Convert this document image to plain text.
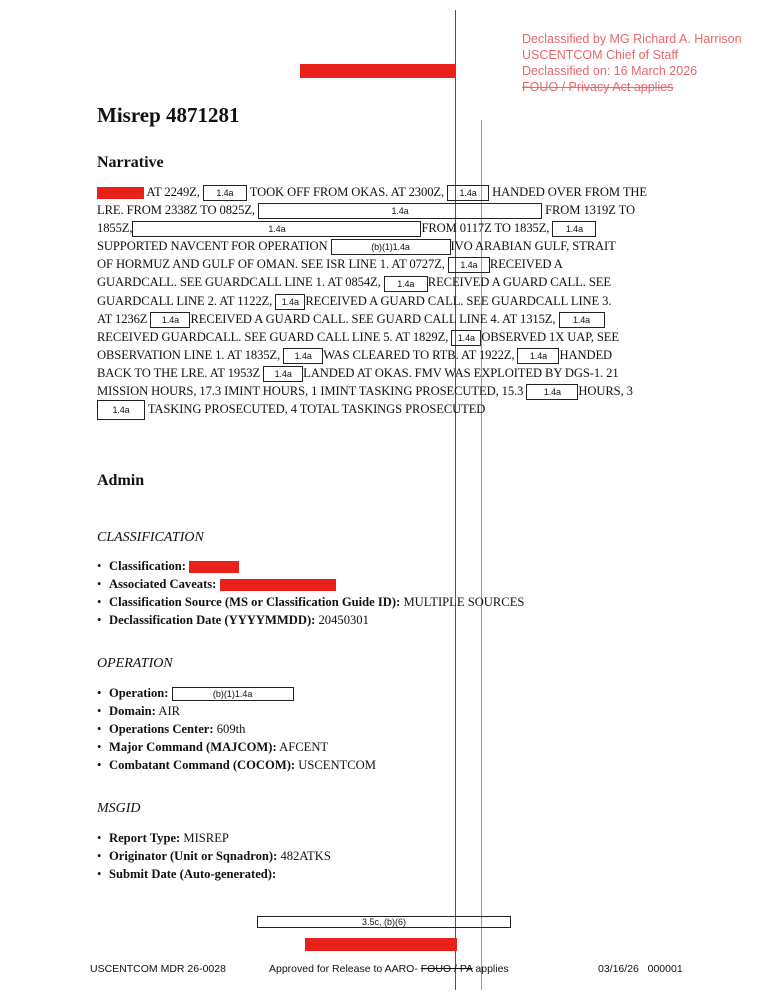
Declassified by MG Richard A. Harrison
USCENTCOM Chief of Staff
Declassified on: 16 March 2026
FOUO / Privacy Act applies
Misrep 4871281
Narrative
AT 2249Z, 1.4a TOOK OFF FROM OKAS. AT 2300Z, 1.4a HANDED OVER FROM THE
LRE. FROM 2338Z TO 0825Z,	1.4a	FROM 1319Z TO
1855Z,	1.4a	FROM 0117Z TO 1835Z, 1.4a
SUPPORTED NAVCENT FOR OPERATION	(b)(1)1.4a	IVO ARABIAN GULF, STRAIT
OF HORMUZ AND GULF OF OMAN. SEE ISR LINE 1. AT 0727Z, 1.4a RECEIVED A
GUARDCALL. SEE GUARDCALL LINE 1. AT 0854Z, 1.4a RECEIVED A GUARD CALL. SEE
GUARDCALL LINE 2. AT 1122Z, 1.4a RECEIVED A GUARD CALL. SEE GUARDCALL LINE 3.
AT 1236Z 1.4a RECEIVED A GUARD CALL. SEE GUARD CALL LINE 4. AT 1315Z, 1.4a
RECEIVED GUARDCALL. SEE GUARD CALL LINE 5. AT 1829Z, 1.4a OBSERVED 1X UAP, SEE
OBSERVATION LINE 1. AT 1835Z, 1.4a WAS CLEARED TO RTB. AT 1922Z, 1.4a HANDED
BACK TO THE LRE. AT 1953Z 1.4a LANDED AT OKAS. FMV WAS EXPLOITED BY DGS-1. 21
MISSION HOURS, 17.3 IMINT HOURS, 1 IMINT TASKING PROSECUTED, 15.3 1.4a HOURS, 3
1.4a TASKING PROSECUTED, 4 TOTAL TASKINGS PROSECUTED
Admin
CLASSIFICATION
• Classification:
• Associated Caveats:
• Classification Source (MS or Classification Guide ID): MULTIPLE SOURCES
• Declassification Date (YYYYMMDD): 20450301
OPERATION
• Operation:	(b)(1)1.4a
• Domain: AIR
• Operations Center: 609th
• Major Command (MAJCOM): AFCENT
• Combatant Command (COCOM): USCENTCOM
MSGID
• Report Type: MISREP
• Originator (Unit or Sqnadron): 482ATKS
• Submit Date (Auto-generated):
3.5c, (b)(6)
USCENTCOM MDR 26-0028	Approved for Release to AARO- FOUO / PA applies	03/16/26   000001
